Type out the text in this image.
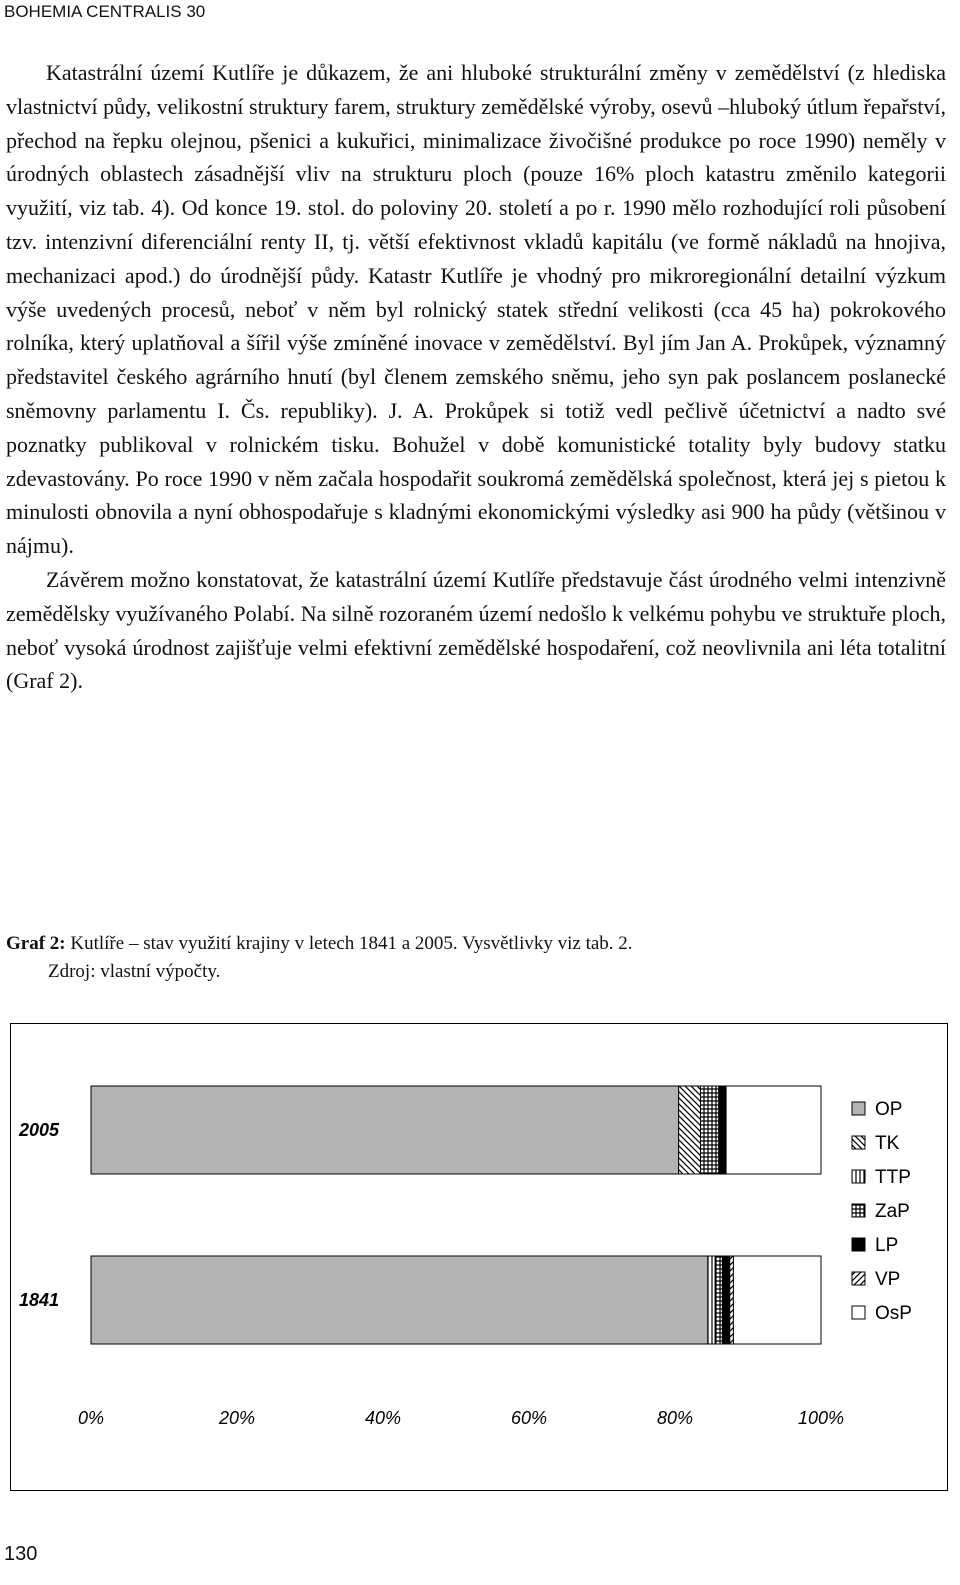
BOHEMIA CENTRALIS 30

Katastrální území Kutlíře je důkazem, že ani hluboké strukturální změny v zemědělství (z hlediska vlastnictví půdy, velikostní struktury farem, struktury zemědělské výroby, osevů –hluboký útlum řepařství, přechod na řepku olejnou, pšenici a kukuřici, minimalizace živočišné produkce po roce 1990) neměly v úrodných oblastech zásadnější vliv na strukturu ploch (pouze 16% ploch katastru změnilo kategorii využití, viz tab. 4). Od konce 19. stol. do poloviny 20. století a po r. 1990 mělo rozhodující roli působení tzv. intenzivní diferenciální renty II, tj. větší efektivnost vkladů kapitálu (ve formě nákladů na hnojiva, mechanizaci apod.) do úrodnější půdy. Katastr Kutlíře je vhodný pro mikroregionální detailní výzkum výše uvedených procesů, neboť v něm byl rolnický statek střední velikosti (cca 45 ha) pokrokového rolníka, který uplatňoval a šířil výše zmíněné inovace v zemědělství. Byl jím Jan A. Prokůpek, významný představitel českého agrárního hnutí (byl členem zemského sněmu, jeho syn pak poslancem poslanecké sněmovny parlamentu I. Čs. republiky). J. A. Prokůpek si totiž vedl pečlivě účetnictví a nadto své poznatky publikoval v rolnickém tisku. Bohužel v době komunistické totality byly budovy statku zdevastovány. Po roce 1990 v něm začala hospodařit soukromá zemědělská společnost, která jej s pietou k minulosti obnovila a nyní obhospodařuje s kladnými ekonomickými výsledky asi 900 ha půdy (většinou v nájmu).

Závěrem možno konstatovat, že katastrální území Kutlíře představuje část úrodného velmi intenzivně zemědělsky využívaného Polabí. Na silně rozoraném území nedošlo k velkému pohybu ve struktuře ploch, neboť vysoká úrodnost zajišťuje velmi efektivní zemědělské hospodaření, což neovlivnila ani léta totalitní (Graf 2).

Graf 2: Kutlíře – stav využití krajiny v letech 1841 a 2005. Vysvětlivky viz tab. 2.
Zdroj: vlastní výpočty.
2005
1841
0%	20%	40%	60%	80%	100%
OP
TK
TTP
ZaP
LP
VP
OsP
130
